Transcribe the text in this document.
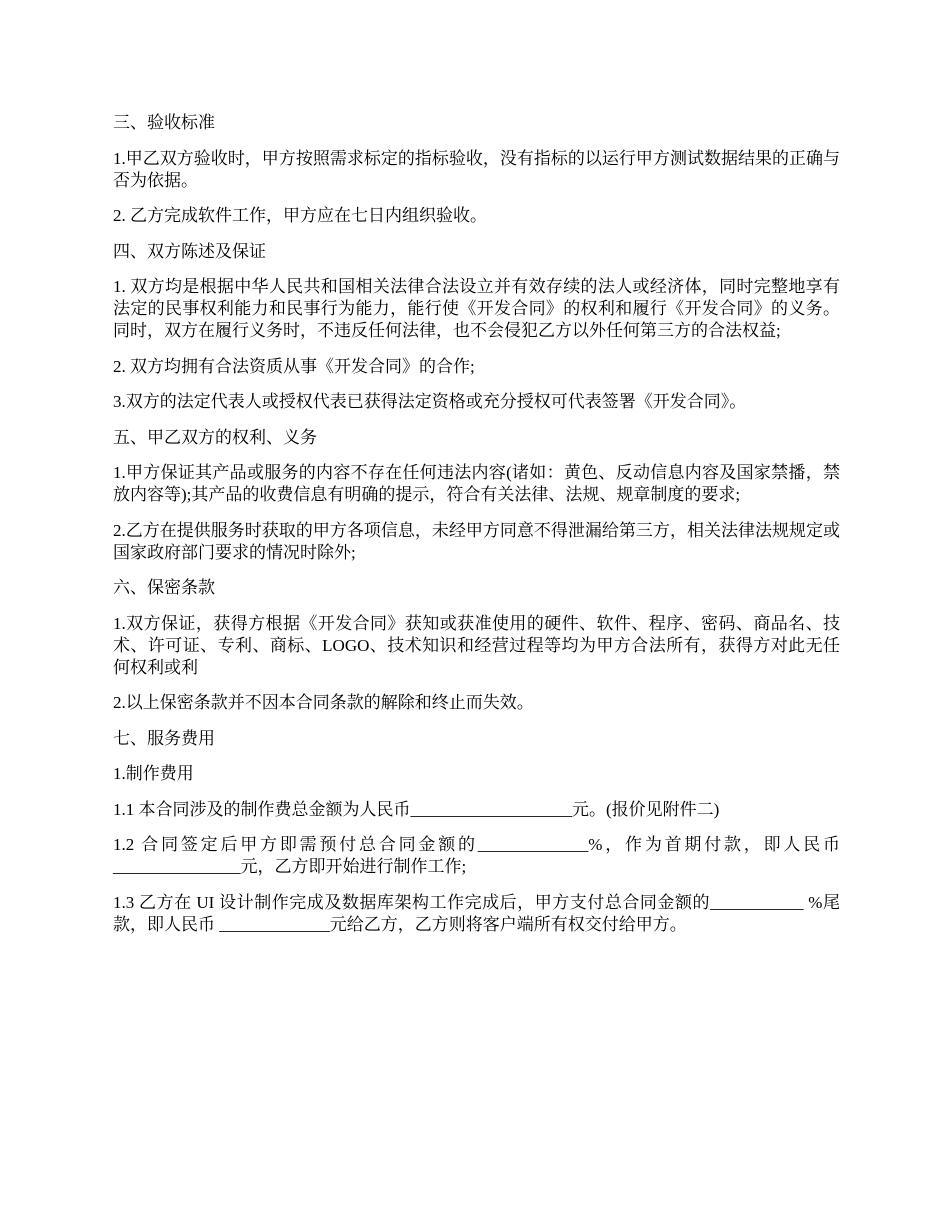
三、验收标准

1.甲乙双方验收时，甲方按照需求标定的指标验收，没有指标的以运行甲方测试数据结果的正确与否为依据。

2. 乙方完成软件工作，甲方应在七日内组织验收。

四、双方陈述及保证

1. 双方均是根据中华人民共和国相关法律合法设立并有效存续的法人或经济体，同时完整地享有法定的民事权利能力和民事行为能力，能行使《开发合同》的权利和履行《开发合同》的义务。同时，双方在履行义务时，不违反任何法律，也不会侵犯乙方以外任何第三方的合法权益;

2. 双方均拥有合法资质从事《开发合同》的合作;

3.双方的法定代表人或授权代表已获得法定资格或充分授权可代表签署《开发合同》。

五、甲乙双方的权利、义务

1.甲方保证其产品或服务的内容不存在任何违法内容(诸如：黄色、反动信息内容及国家禁播，禁放内容等);其产品的收费信息有明确的提示，符合有关法律、法规、规章制度的要求;

2.乙方在提供服务时获取的甲方各项信息，未经甲方同意不得泄漏给第三方，相关法律法规规定或国家政府部门要求的情况时除外;

六、保密条款

1.双方保证，获得方根据《开发合同》获知或获准使用的硬件、软件、程序、密码、商品名、技术、许可证、专利、商标、LOGO、技术知识和经营过程等均为甲方合法所有，获得方对此无任何权利或利

2.以上保密条款并不因本合同条款的解除和终止而失效。

七、服务费用

1.制作费用

1.1 本合同涉及的制作费总金额为人民币___________________元。(报价见附件二)

1.2 合同签定后甲方即需预付总合同金额的_____________%，作为首期付款，即人民币_______________元，乙方即开始进行制作工作;

1.3 乙方在 UI 设计制作完成及数据库架构工作完成后，甲方支付总合同金额的___________ %尾款，即人民币 _____________元给乙方，乙方则将客户端所有权交付给甲方。
